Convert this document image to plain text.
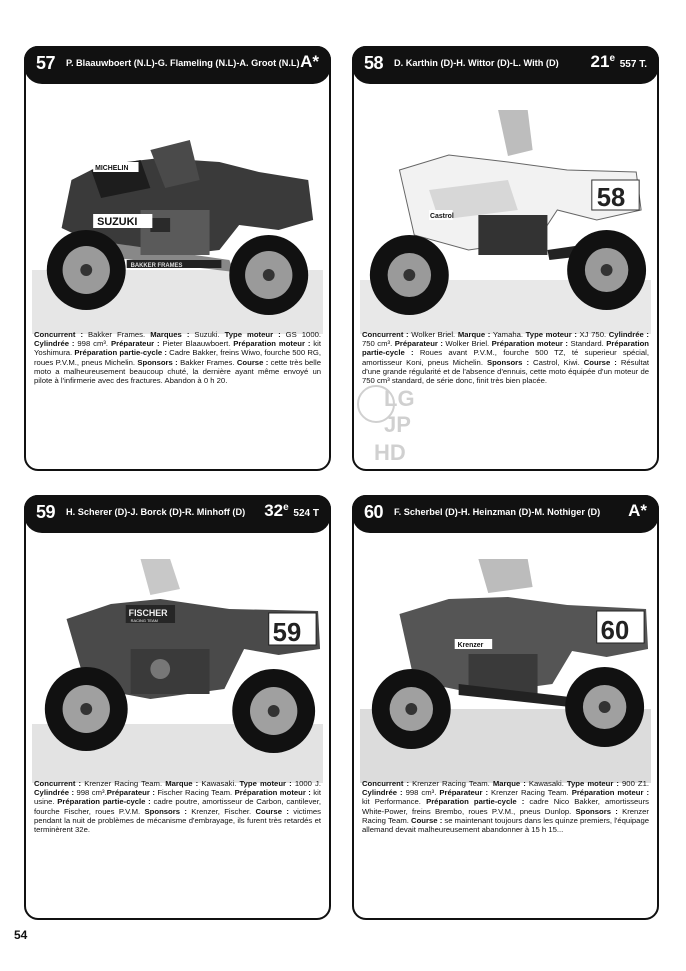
57 P. Blaauwboert (N.L)-G. Flameling (N.L)-A. Groot (N.L) A*
MICHELIN
SUZUKI
BAKKER FRAMES
Concurrent : Bakker Frames. Marques : Suzuki. Type moteur : GS 1000. Cylindrée : 998 cm³. Préparateur : Pieter Blaauwboert. Préparation moteur : kit Yoshimura. Préparation partie-cycle : Cadre Bakker, freins Wiwo, fourche 500 RG, roues P.V.M., pneus Michelin. Sponsors : Bakker Frames. Course : cette très belle moto a malheureusement beaucoup chuté, la dernière ayant même envoyé un pilote à l'infirmerie avec des fractures. Abandon à 0 h 20.
58 D. Karthin (D)-H. Wittor (D)-L. With (D)	21e 557 T.
Castrol
58
Concurrent : Wolker Briel. Marque : Yamaha. Type moteur : XJ 750. Cylindrée : 750 cm³. Préparateur : Wolker Briel. Préparation moteur : Standard. Préparation partie-cycle : Roues avant P.V.M., fourche 500 TZ, té superieur spécial, amortisseur Koni, pneus Michelin. Sponsors : Castrol, Kiwi. Course : Résultat d'une grande régularité et de l'absence d'ennuis, cette moto équipée d'un moteur de 750 cm³ standard, de série donc, finit très bien placée.
LG
JP
HD
59 H. Scherer (D)-J. Borck (D)-R. Minhoff (D)	32e 524 T
FISCHER
RACING TEAM	59
Concurrent : Krenzer Racing Team. Marque : Kawasaki. Type moteur : 1000 J. Cylindrée : 998 cm³.Préparateur : Fischer Racing Team. Préparation moteur : kit usine. Préparation partie-cycle : cadre poutre, amortisseur de Carbon, cantilever, fourche Fischer, roues P.V.M. Sponsors : Krenzer, Fischer. Course : victimes pendant la nuit de problèmes de mécanisme d'embrayage, ils furent très retardés et terminèrent 32e.
60 F. Scherbel (D)-H. Heinzman (D)-M. Nothiger (D) A*
60
Krenzer
Concurrent : Krenzer Racing Team. Marque : Kawasaki. Type moteur : 900 Z1. Cylindrée : 998 cm³. Préparateur : Krenzer Racing Team. Préparation moteur : kit Performance. Préparation partie-cycle : cadre Nico Bakker, amortisseurs White-Power, freins Brembo, roues P.V.M., pneus Dunlop. Sponsors : Krenzer Racing Team. Course : se maintenant toujours dans les quinze premiers, l'équipage allemand devait malheureusement abandonner à 15 h 15...
54
